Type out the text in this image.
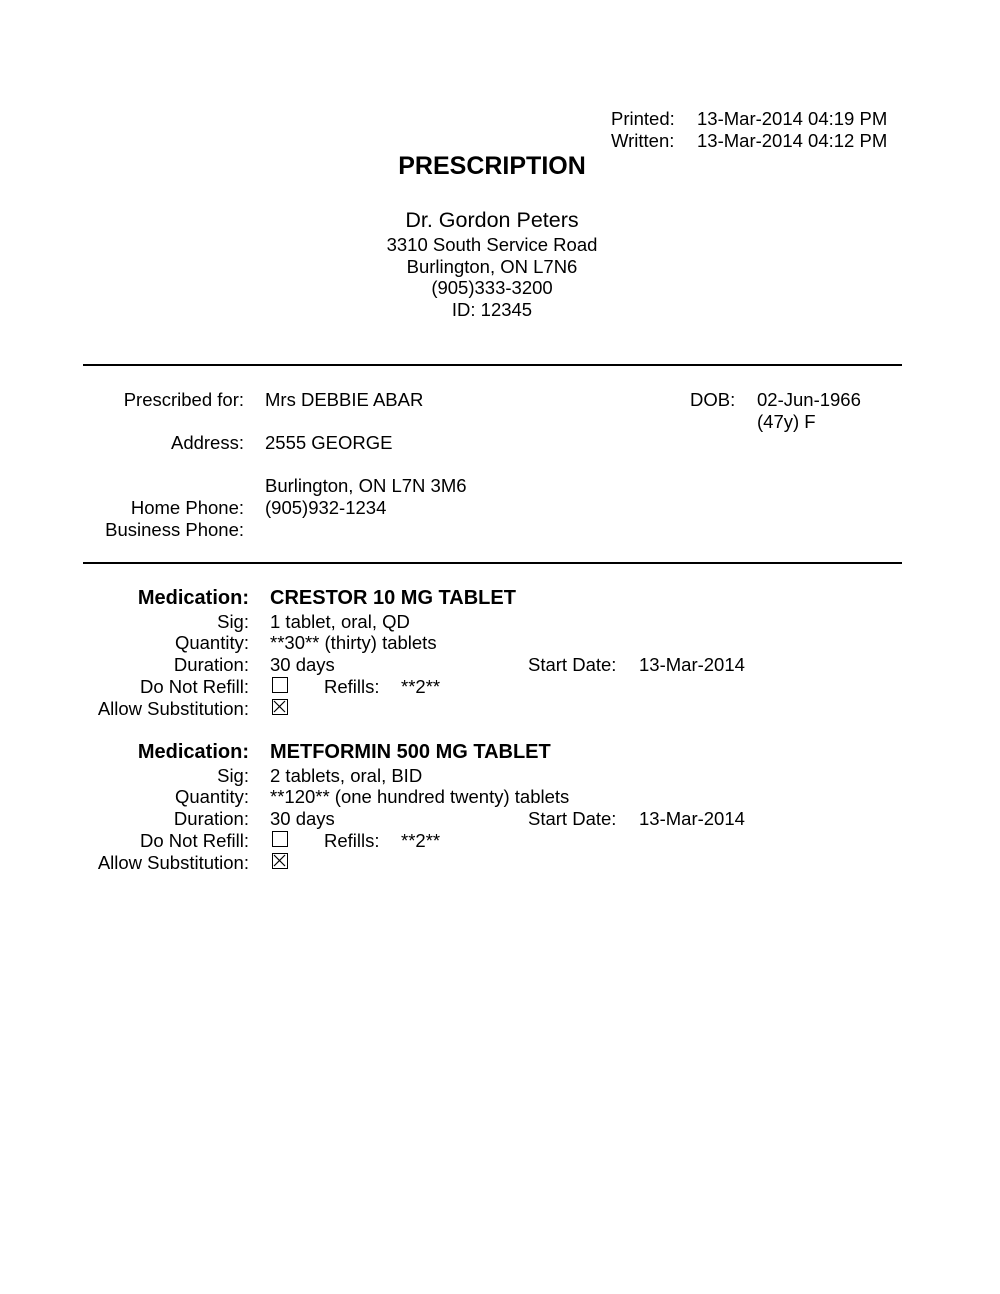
Printed: 13-Mar-2014 04:19 PM
Written: 13-Mar-2014 04:12 PM
PRESCRIPTION
Dr. Gordon Peters
3310 South Service Road
Burlington, ON L7N6
(905)333-3200
ID: 12345
Prescribed for: Mrs DEBBIE ABAR	DOB: 02-Jun-1966
(47y) F
Address: 2555 GEORGE
Burlington, ON L7N 3M6
Home Phone: (905)932-1234
Business Phone:
Medication: CRESTOR 10 MG TABLET
Sig: 1 tablet, oral, QD
Quantity: **30** (thirty) tablets
Duration: 30 days	Start Date: 13-Mar-2014
Do Not Refill:	Refills: **2**
Allow Substitution:
Medication: METFORMIN 500 MG TABLET
Sig: 2 tablets, oral, BID
Quantity: **120** (one hundred twenty) tablets
Duration: 30 days	Start Date: 13-Mar-2014
Do Not Refill:	Refills: **2**
Allow Substitution:
